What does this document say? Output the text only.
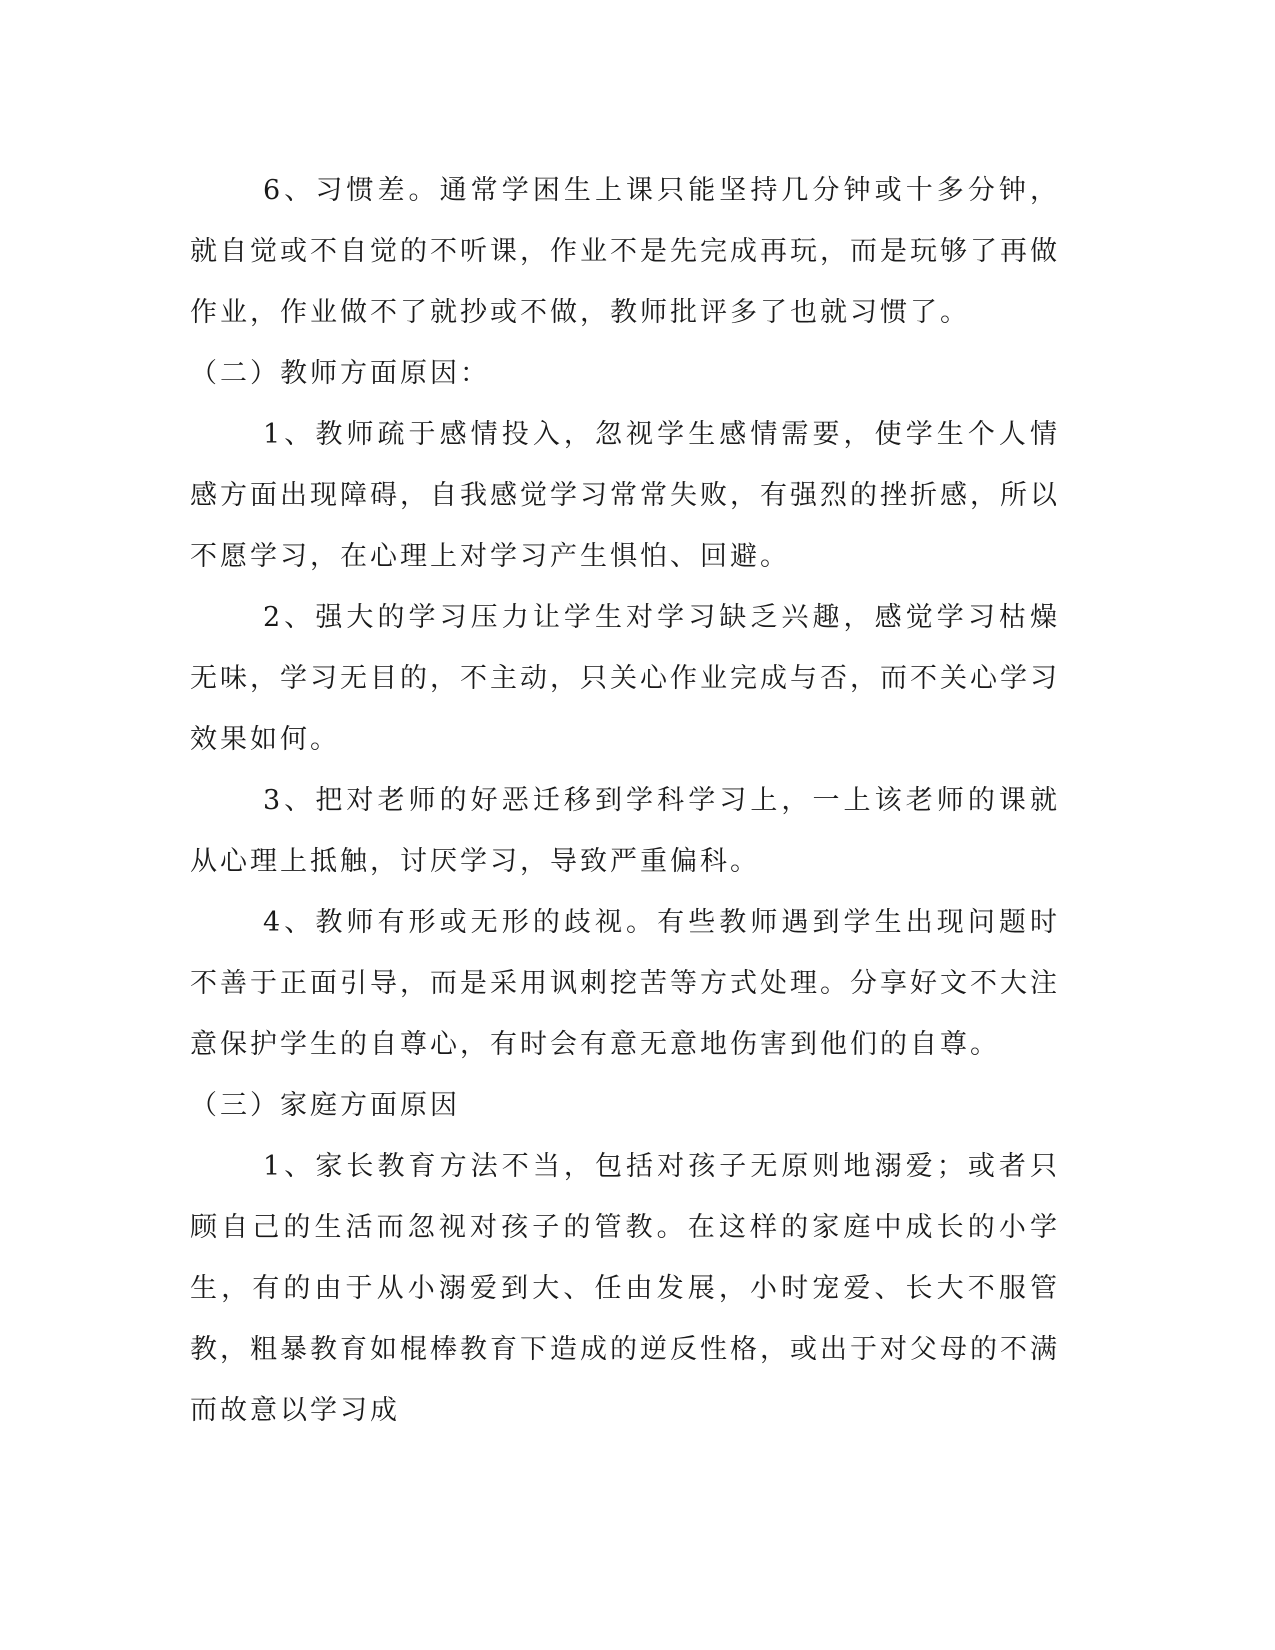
6、习惯差。通常学困生上课只能坚持几分钟或十多分钟，就自觉或不自觉的不听课，作业不是先完成再玩，而是玩够了再做作业，作业做不了就抄或不做，教师批评多了也就习惯了。

（二）教师方面原因：

1、教师疏于感情投入，忽视学生感情需要，使学生个人情感方面出现障碍，自我感觉学习常常失败，有强烈的挫折感，所以不愿学习，在心理上对学习产生惧怕、回避。

2、强大的学习压力让学生对学习缺乏兴趣，感觉学习枯燥无味，学习无目的，不主动，只关心作业完成与否，而不关心学习效果如何。

3、把对老师的好恶迁移到学科学习上，一上该老师的课就从心理上抵触，讨厌学习，导致严重偏科。

4、教师有形或无形的歧视。有些教师遇到学生出现问题时不善于正面引导，而是采用讽刺挖苦等方式处理。分享好文不大注意保护学生的自尊心，有时会有意无意地伤害到他们的自尊。

（三）家庭方面原因

1、家长教育方法不当，包括对孩子无原则地溺爱；或者只顾自己的生活而忽视对孩子的管教。在这样的家庭中成长的小学生，有的由于从小溺爱到大、任由发展，小时宠爱、长大不服管教，粗暴教育如棍棒教育下造成的逆反性格，或出于对父母的不满而故意以学习成
